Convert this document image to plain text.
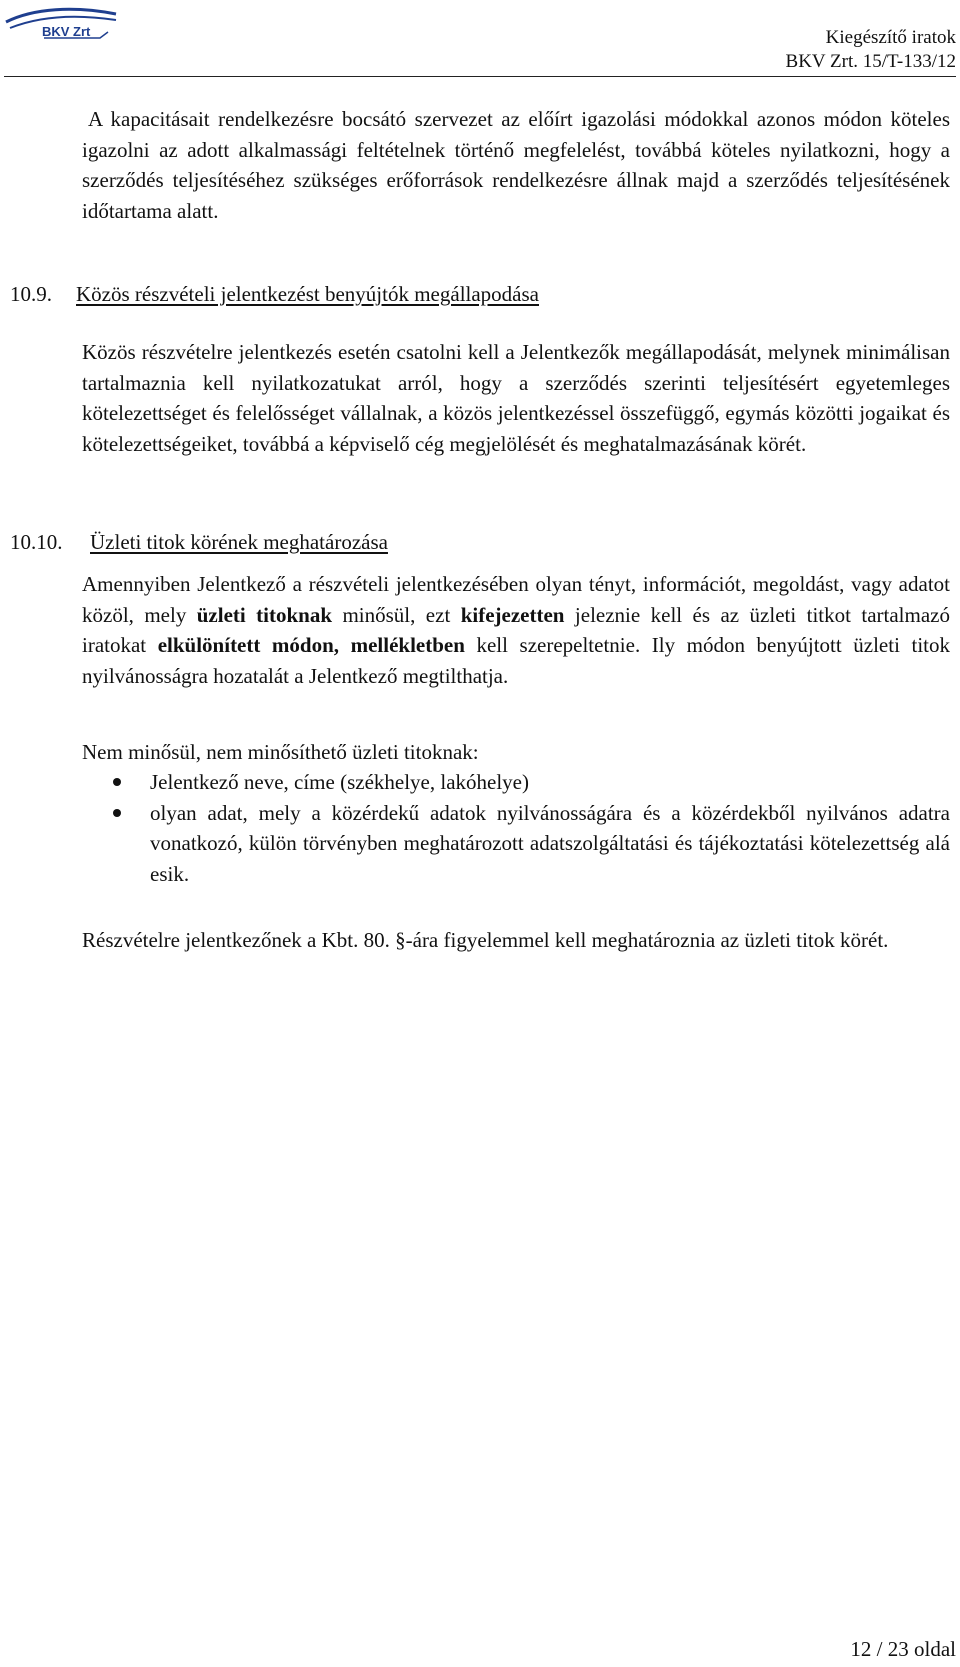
BKV Zrt	Kiegészítő iratok
BKV Zrt. 15/T-133/12

A kapacitásait rendelkezésre bocsátó szervezet az előírt igazolási módokkal azonos módon köteles igazolni az adott alkalmassági feltételnek történő megfelelést, továbbá köteles nyilatkozni, hogy a szerződés teljesítéséhez szükséges erőforrások rendelkezésre állnak majd a szerződés teljesítésének időtartama alatt.

10.9. Közös részvételi jelentkezést benyújtók megállapodása

Közös részvételre jelentkezés esetén csatolni kell a Jelentkezők megállapodását, melynek minimálisan tartalmaznia kell nyilatkozatukat arról, hogy a szerződés szerinti teljesítésért egyetemleges kötelezettséget és felelősséget vállalnak, a közös jelentkezéssel összefüggő, egymás közötti jogaikat és kötelezettségeiket, továbbá a képviselő cég megjelölését és meghatalmazásának körét.

10.10. Üzleti titok körének meghatározása

Amennyiben Jelentkező a részvételi jelentkezésében olyan tényt, információt, megoldást, vagy adatot közöl, mely üzleti titoknak minősül, ezt kifejezetten jeleznie kell és az üzleti titkot tartalmazó iratokat elkülönített módon, mellékletben kell szerepeltetnie. Ily módon benyújtott üzleti titok nyilvánosságra hozatalát a Jelentkező megtilthatja.

Nem minősül, nem minősíthető üzleti titoknak:

Jelentkező neve, címe (székhelye, lakóhelye)
olyan adat, mely a közérdekű adatok nyilvánosságára és a közérdekből nyilvános adatra vonatkozó, külön törvényben meghatározott adatszolgáltatási és tájékoztatási kötelezettség alá esik.

Részvételre jelentkezőnek a Kbt. 80. §-ára figyelemmel kell meghatároznia az üzleti titok körét.

12 / 23 oldal
